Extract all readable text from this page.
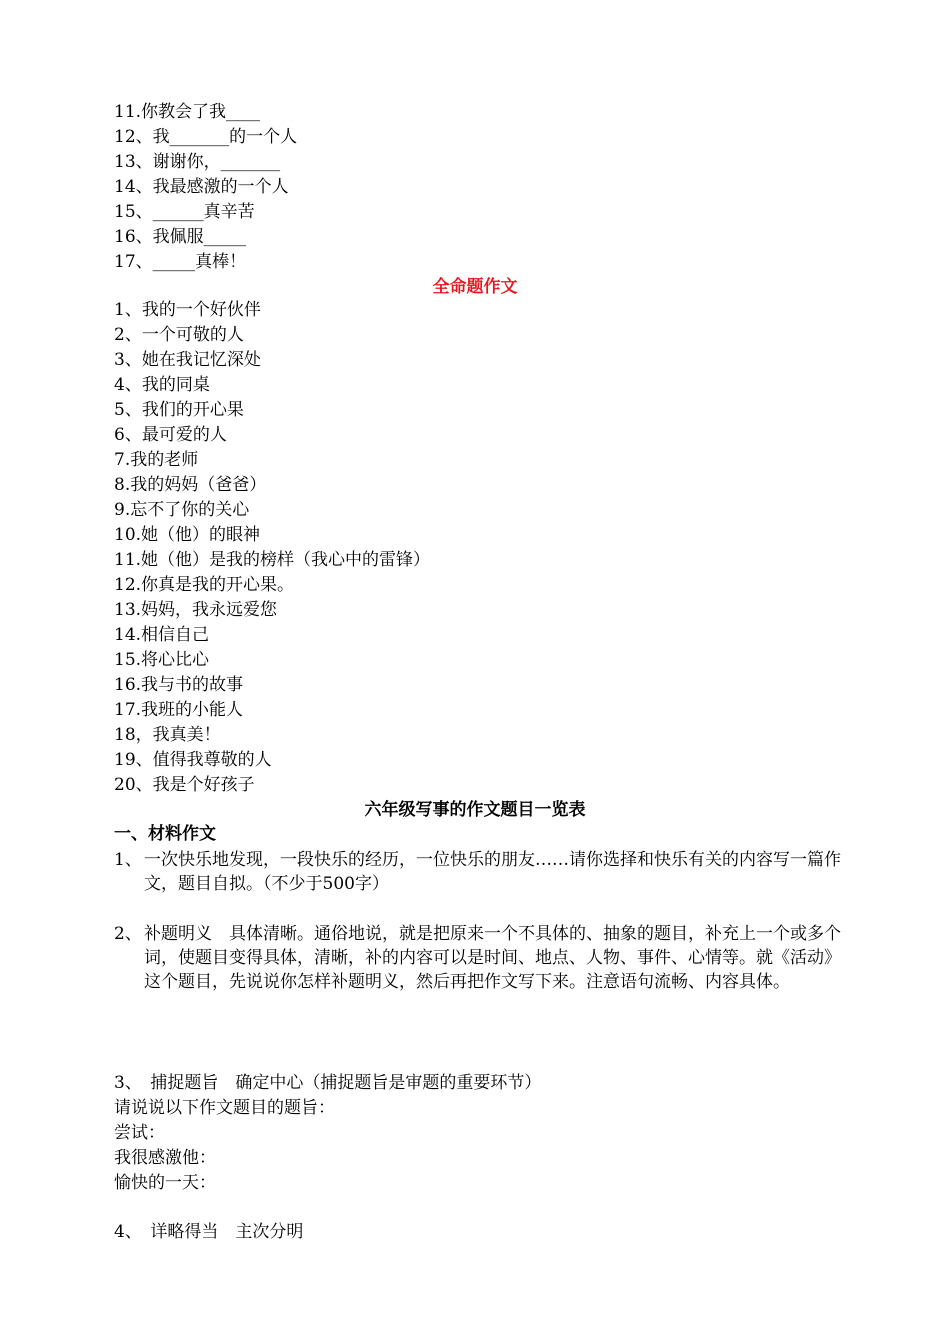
11.你教会了我____
12、我_______的一个人
13、谢谢你，_______
14、我最感激的一个人
15、______真辛苦
16、我佩服_____
17、_____真棒！
全命题作文
1、我的一个好伙伴
2、一个可敬的人
3、她在我记忆深处
4、我的同桌
5、我们的开心果
6、最可爱的人
7.我的老师
8.我的妈妈（爸爸）
9.忘不了你的关心
10.她（他）的眼神
11.她（他）是我的榜样（我心中的雷锋）
12.你真是我的开心果。
13.妈妈，我永远爱您
14.相信自己
15.将心比心
16.我与书的故事
17.我班的小能人
18，我真美！
19、值得我尊敬的人
20、我是个好孩子
六年级写事的作文题目一览表
一、材料作文
1、 一次快乐地发现，一段快乐的经历，一位快乐的朋友……请你选择和快乐有关的内容写一篇作文，题目自拟。（不少于500字）
2、 补题明义　具体清晰。通俗地说，就是把原来一个不具体的、抽象的题目，补充上一个或多个词，使题目变得具体，清晰，补的内容可以是时间、地点、人物、事件、心情等。就《活动》这个题目，先说说你怎样补题明义，然后再把作文写下来。注意语句流畅、内容具体。
3、　捕捉题旨　确定中心（捕捉题旨是审题的重要环节）
请说说以下作文题目的题旨：
尝试：
我很感激他：
愉快的一天：
4、　详略得当　主次分明
